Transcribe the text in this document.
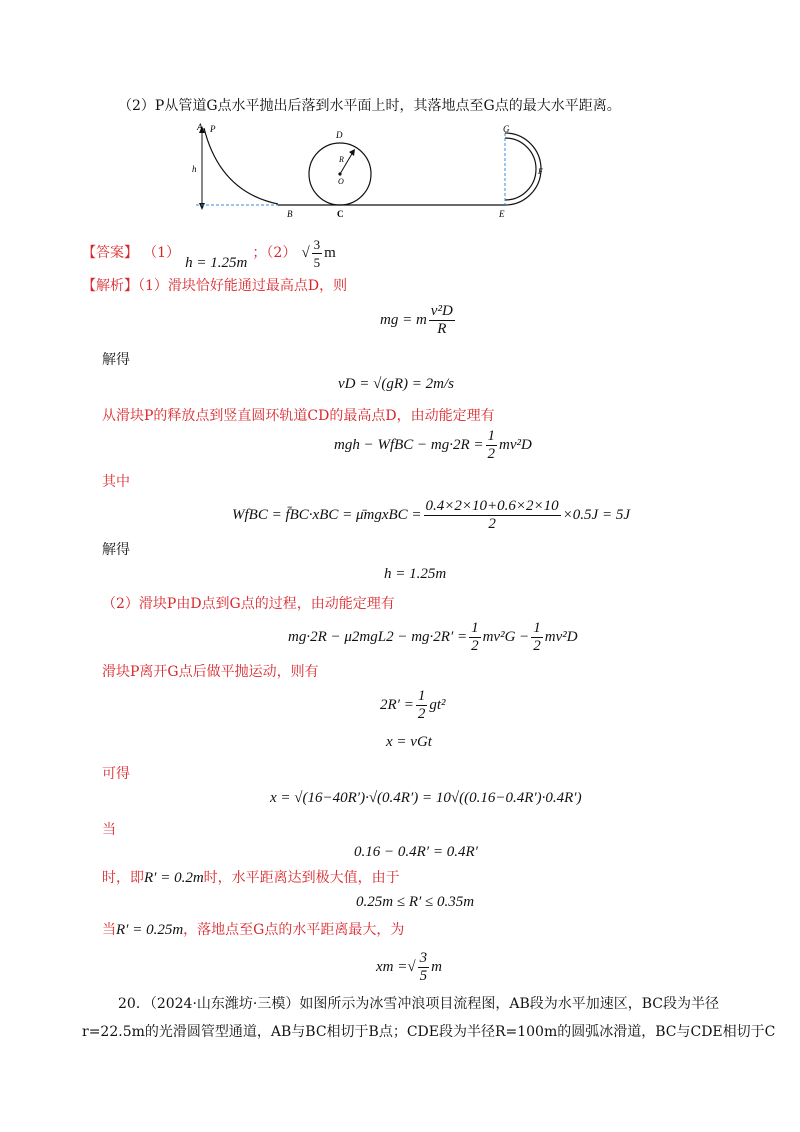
（2）P从管道G点水平抛出后落到水平面上时，其落地点至G点的最大水平距离。
A P
h
D
R
O
B	C	E
G
F
【答案】 （1） h = 1.25m ；（2） √ $\frac{3}{5}$ m
【解析】（1）滑块恰好能通过最高点D，则
mg = m $\frac{\text{v²D}}{R}$
解得
vD = √(gR) = 2m/s
从滑块P的释放点到竖直圆环轨道CD的最高点D，由动能定理有
mgh − WfBC − $mg\cdot 2R = \frac{1}{2} mv^2D$
其中
WfBC = f̄BC·xBC = μ̄mgxBC = $\frac{0.4\times 2\times 10+0.6\times 2\times 10}{2} \times 0.5J = 5J$
解得
h = 1.25m
（2）滑块P由D点到G点的过程，由动能定理有
$mg\cdot 2R - \mu 2mgL2 - mg\cdot 2R' = \frac{1}{2} mv^2G - \frac{1}{2} mv^2D$
滑块P离开G点后做平抛运动，则有
$2R' = \frac{1}{2} gt^2$
x = vGt
可得
x = √(16−40R′)·√(0.4R′) = 10√((0.16−0.4R′)·0.4R′)
当
0.16 − 0.4R′ = 0.4R′
时，即R′ = 0.2m时，水平距离达到极大值，由于
0.25m ≤ R′ ≤ 0.35m
当R′ = 0.25m，落地点至G点的水平距离最大，为
xm =√ $\frac{3}{5}$ m
20．（2024·山东潍坊·三模）如图所示为冰雪冲浪项目流程图，AB段为水平加速区，BC段为半径
r=22.5m的光滑圆管型通道，AB与BC相切于B点；CDE段为半径R=100m的圆弧冰滑道，BC与CDE相切于C
